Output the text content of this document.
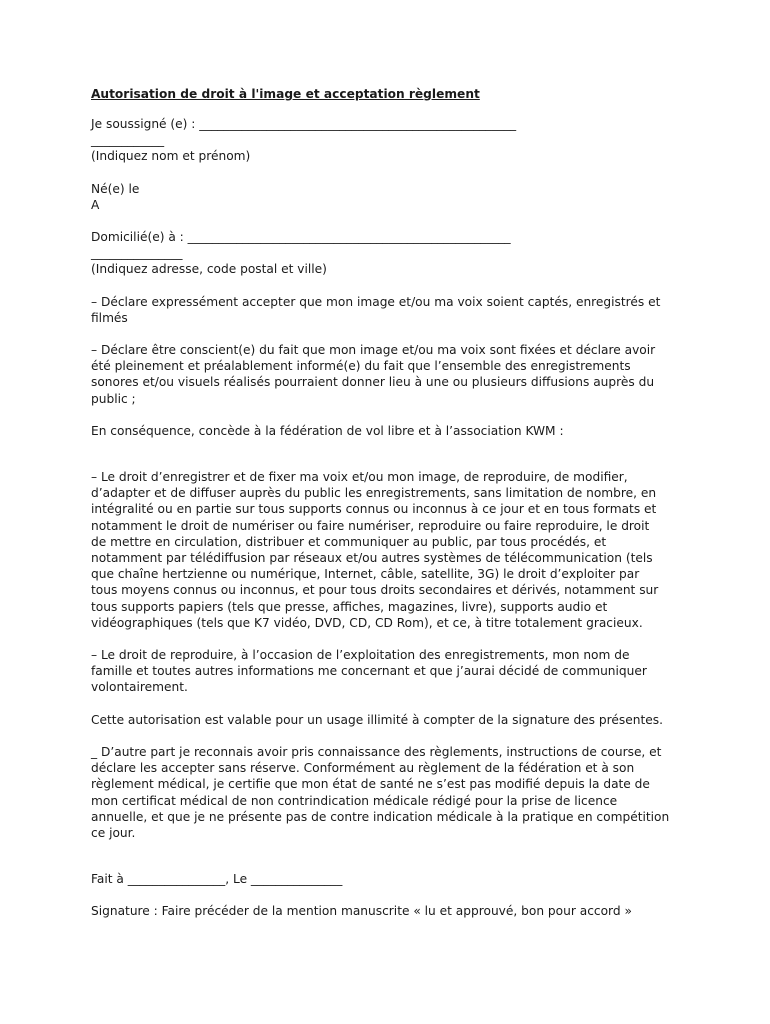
Autorisation de droit à l'image et acceptation règlement

Je soussigné (e) : ____________________________________________________
____________

(Indiquez nom et prénom)

Né(e) le
A

Domicilié(e) à : _____________________________________________________
_______________

(Indiquez adresse, code postal et ville)

– Déclare expressément accepter que mon image et/ou ma voix soient captés, enregistrés et
filmés

– Déclare être conscient(e) du fait que mon image et/ou ma voix sont fixées et déclare avoir
été pleinement et préalablement informé(e) du fait que l’ensemble des enregistrements
sonores et/ou visuels réalisés pourraient donner lieu à une ou plusieurs diffusions auprès du
public ;

En conséquence, concède à la fédération de vol libre et à l’association KWM :

– Le droit d’enregistrer et de fixer ma voix et/ou mon image, de reproduire, de modifier,
d’adapter et de diffuser auprès du public les enregistrements, sans limitation de nombre, en
intégralité ou en partie sur tous supports connus ou inconnus à ce jour et en tous formats et
notamment le droit de numériser ou faire numériser, reproduire ou faire reproduire, le droit
de mettre en circulation, distribuer et communiquer au public, par tous procédés, et
notamment par télédiffusion par réseaux et/ou autres systèmes de télécommunication (tels
que chaîne hertzienne ou numérique, Internet, câble, satellite, 3G) le droit d’exploiter par
tous moyens connus ou inconnus, et pour tous droits secondaires et dérivés, notamment sur
tous supports papiers (tels que presse, affiches, magazines, livre), supports audio et
vidéographiques (tels que K7 vidéo, DVD, CD, CD Rom), et ce, à titre totalement gracieux.

– Le droit de reproduire, à l’occasion de l’exploitation des enregistrements, mon nom de
famille et toutes autres informations me concernant et que j’aurai décidé de communiquer
volontairement.

Cette autorisation est valable pour un usage illimité à compter de la signature des présentes.

_ D’autre part je reconnais avoir pris connaissance des règlements, instructions de course, et
déclare les accepter sans réserve. Conformément au règlement de la fédération et à son
règlement médical, je certifie que mon état de santé ne s’est pas modifié depuis la date de
mon certificat médical de non contrindication médicale rédigé pour la prise de licence
annuelle, et que je ne présente pas de contre indication médicale à la pratique en compétition
ce jour.

Fait à ________________, Le _______________

Signature : Faire précéder de la mention manuscrite « lu et approuvé, bon pour accord »
